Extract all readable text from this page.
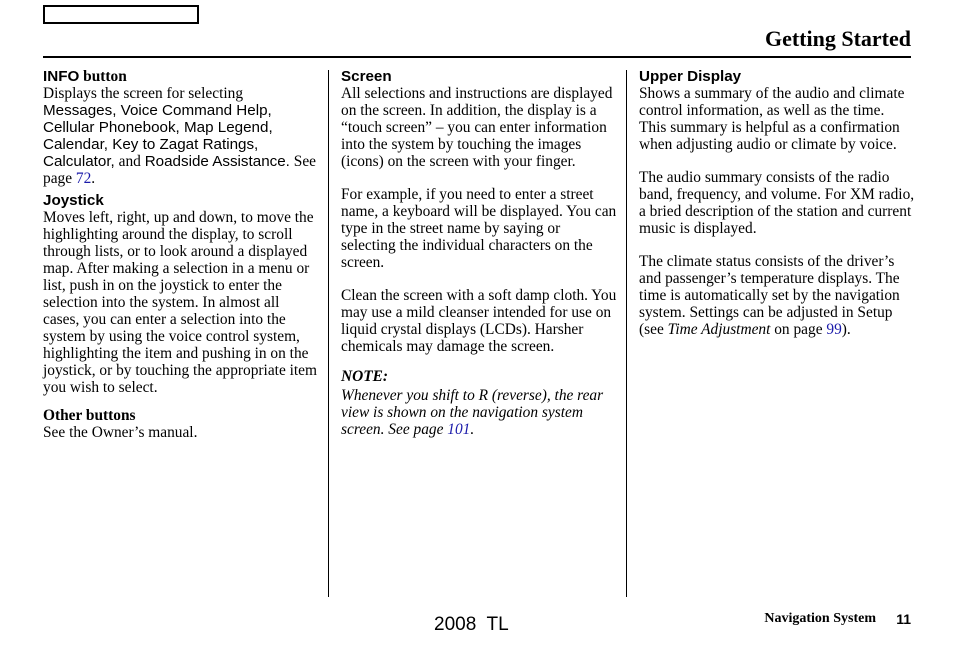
Getting Started

INFO button

Displays the screen for selecting
Messages, Voice Command Help, Cellular Phonebook, Map Legend, Calendar, Key to Zagat Ratings, Calculator, and Roadside Assistance. See page 72.

Joystick

Moves left, right, up and down, to move the highlighting around the display, to scroll through lists, or to look around a displayed map. After making a selection in a menu or list, push in on the joystick to enter the selection into the system. In almost all cases, you can enter a selection into the system by using the voice control system, highlighting the item and pushing in on the joystick, or by touching the appropriate item you wish to select.

Other buttons

See the Owner’s manual.

Screen

All selections and instructions are displayed on the screen. In addition, the display is a “touch screen” – you can enter information into the system by touching the images (icons) on the screen with your finger.

For example, if you need to enter a street name, a keyboard will be displayed. You can type in the street name by saying or selecting the individual characters on the screen.

Clean the screen with a soft damp cloth. You may use a mild cleanser intended for use on liquid crystal displays (LCDs). Harsher chemicals may damage the screen.

NOTE:

Whenever you shift to R (reverse), the rear view is shown on the navigation system screen. See page 101.

Upper Display

Shows a summary of the audio and climate control information, as well as the time. This summary is helpful as a confirmation when adjusting audio or climate by voice.

The audio summary consists of the radio band, frequency, and volume. For XM radio, a bried description of the station and current music is displayed.

The climate status consists of the driver’s and passenger’s temperature displays. The time is automatically set by the navigation system. Settings can be adjusted in Setup (see Time Adjustment on page 99).

2008  TL	Navigation System 11
